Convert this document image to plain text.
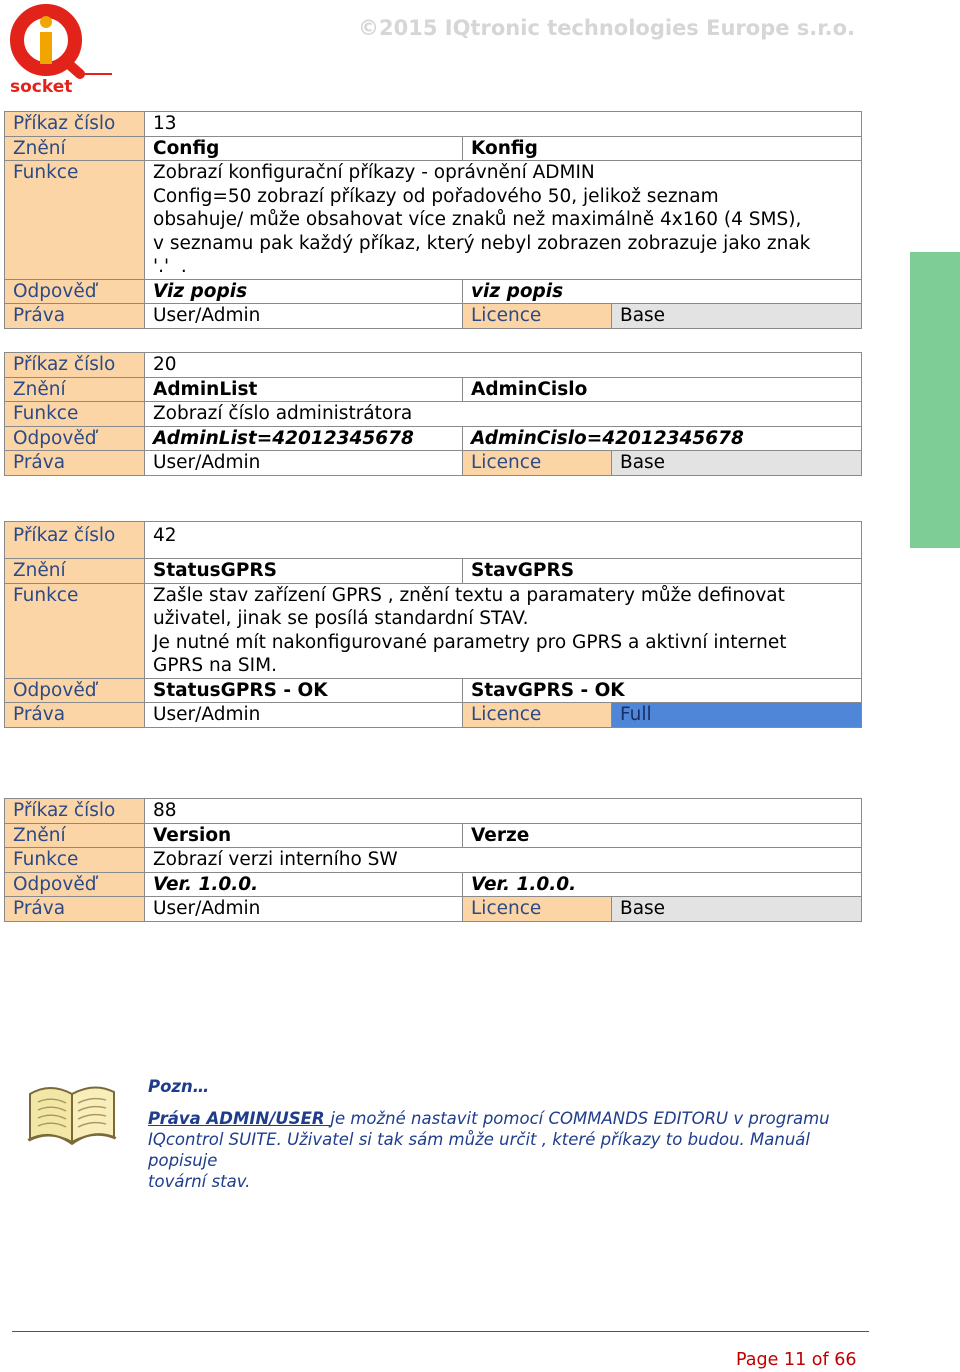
socket
©2015 IQtronic technologies Europe s.r.o.
Příkaz číslo	13		
Znění	Config	Konfig	
Funkce	Zobrazí konfigurační příkazy - oprávnění ADMIN
Config=50 zobrazí příkazy od pořadového 50, jelikož seznam
obsahuje/ může obsahovat více znaků než maximálně 4x160 (4 SMS),
v seznamu pak každý příkaz, který nebyl zobrazen zobrazuje jako znak
'.'  .		

Odpověď	Viz popis	viz popis	
Práva	User/Admin	Licence	Base
Příkaz číslo	20		
Znění	AdminList	AdminCislo	
Funkce	Zobrazí číslo administrátora		

Odpověď	AdminList=42012345678	AdminCislo=42012345678	
Práva	User/Admin	Licence	Base
Příkaz číslo	42		
Znění	StatusGPRS	StavGPRS	
Funkce	Zašle stav zařízení GPRS , znění textu a paramatery může definovat
uživatel, jinak se posílá standardní STAV.
Je nutné mít nakonfigurované parametry pro GPRS a aktivní internet
GPRS na SIM.		

Odpověď	StatusGPRS - OK	StavGPRS - OK	
Práva	User/Admin	Licence	Full
Příkaz číslo	88		
Znění	Version	Verze	
Funkce	Zobrazí verzi interního SW		

Odpověď	Ver. 1.0.0.	Ver. 1.0.0.	
Práva	User/Admin	Licence	Base
Pozn…
Práva ADMIN/USER je možné nastavit pomocí COMMANDS EDITORU v programu
IQcontrol SUITE. Uživatel si tak sám může určit , které příkazy to budou. Manuál popisuje
tovární stav.
Page 11 of 66
